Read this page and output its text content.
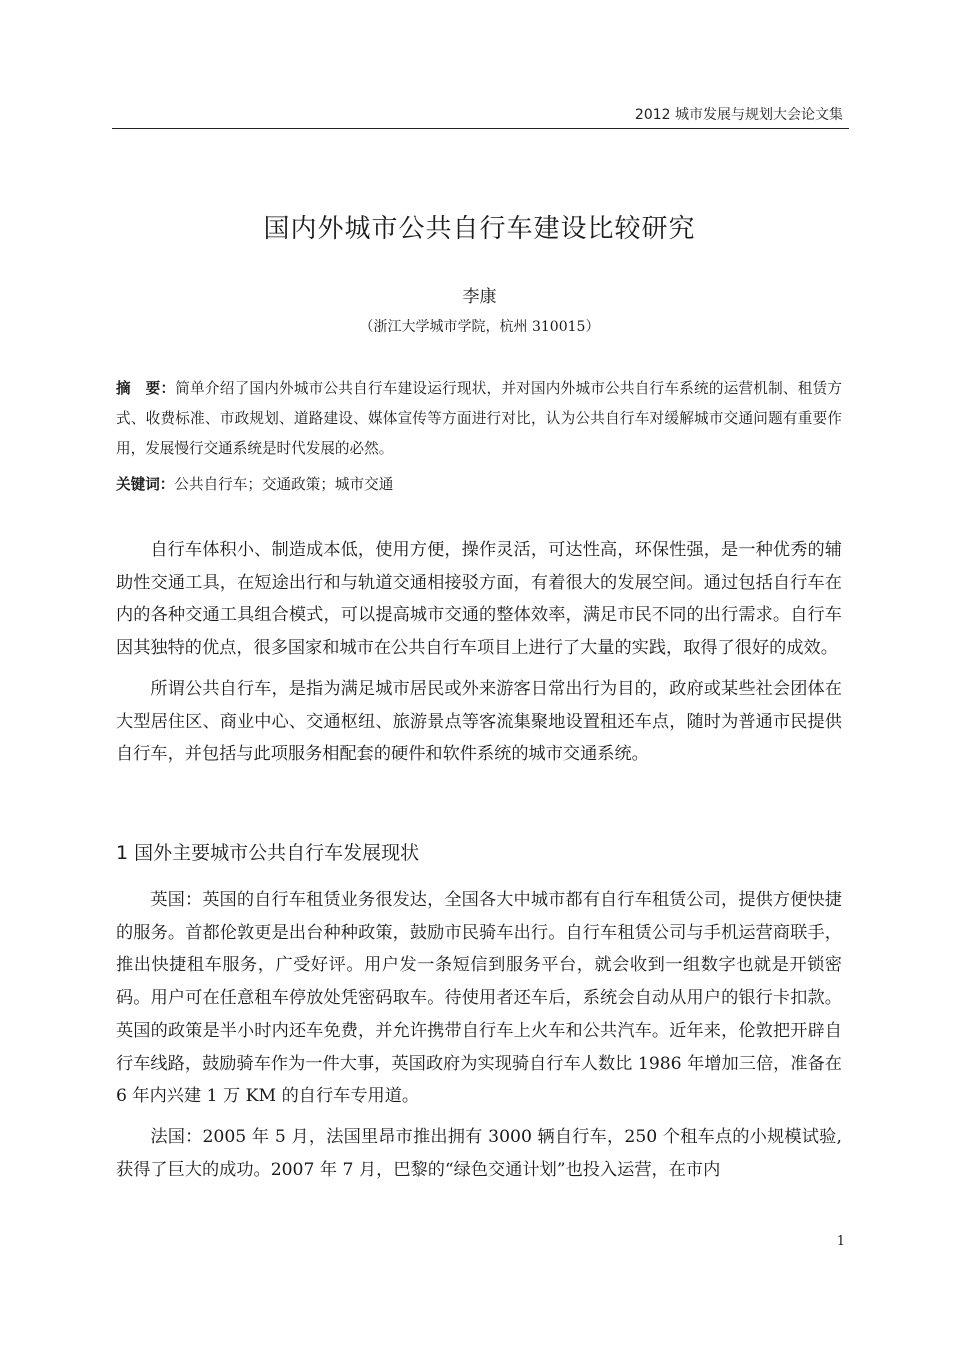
2012 城市发展与规划大会论文集
国内外城市公共自行车建设比较研究
李康
（浙江大学城市学院，杭州 310015）
摘　要：简单介绍了国内外城市公共自行车建设运行现状，并对国内外城市公共自行车系统的运营机制、租赁方式、收费标准、市政规划、道路建设、媒体宣传等方面进行对比，认为公共自行车对缓解城市交通问题有重要作用，发展慢行交通系统是时代发展的必然。
关键词：公共自行车；交通政策；城市交通

自行车体积小、制造成本低，使用方便，操作灵活，可达性高，环保性强，是一种优秀的辅助性交通工具，在短途出行和与轨道交通相接驳方面，有着很大的发展空间。通过包括自行车在内的各种交通工具组合模式，可以提高城市交通的整体效率，满足市民不同的出行需求。自行车因其独特的优点，很多国家和城市在公共自行车项目上进行了大量的实践，取得了很好的成效。

所谓公共自行车，是指为满足城市居民或外来游客日常出行为目的，政府或某些社会团体在大型居住区、商业中心、交通枢纽、旅游景点等客流集聚地设置租还车点，随时为普通市民提供自行车，并包括与此项服务相配套的硬件和软件系统的城市交通系统。

1 国外主要城市公共自行车发展现状

英国：英国的自行车租赁业务很发达，全国各大中城市都有自行车租赁公司，提供方便快捷的服务。首都伦敦更是出台种种政策，鼓励市民骑车出行。自行车租赁公司与手机运营商联手，推出快捷租车服务，广受好评。用户发一条短信到服务平台，就会收到一组数字也就是开锁密码。用户可在任意租车停放处凭密码取车。待使用者还车后，系统会自动从用户的银行卡扣款。英国的政策是半小时内还车免费，并允许携带自行车上火车和公共汽车。近年来，伦敦把开辟自行车线路，鼓励骑车作为一件大事，英国政府为实现骑自行车人数比 1986 年增加三倍，准备在 6 年内兴建 1 万 KM 的自行车专用道。

法国：2005 年 5 月，法国里昂市推出拥有 3000 辆自行车，250 个租车点的小规模试验, 获得了巨大的成功。2007 年 7 月，巴黎的“绿色交通计划”也投入运营，在市内

1
